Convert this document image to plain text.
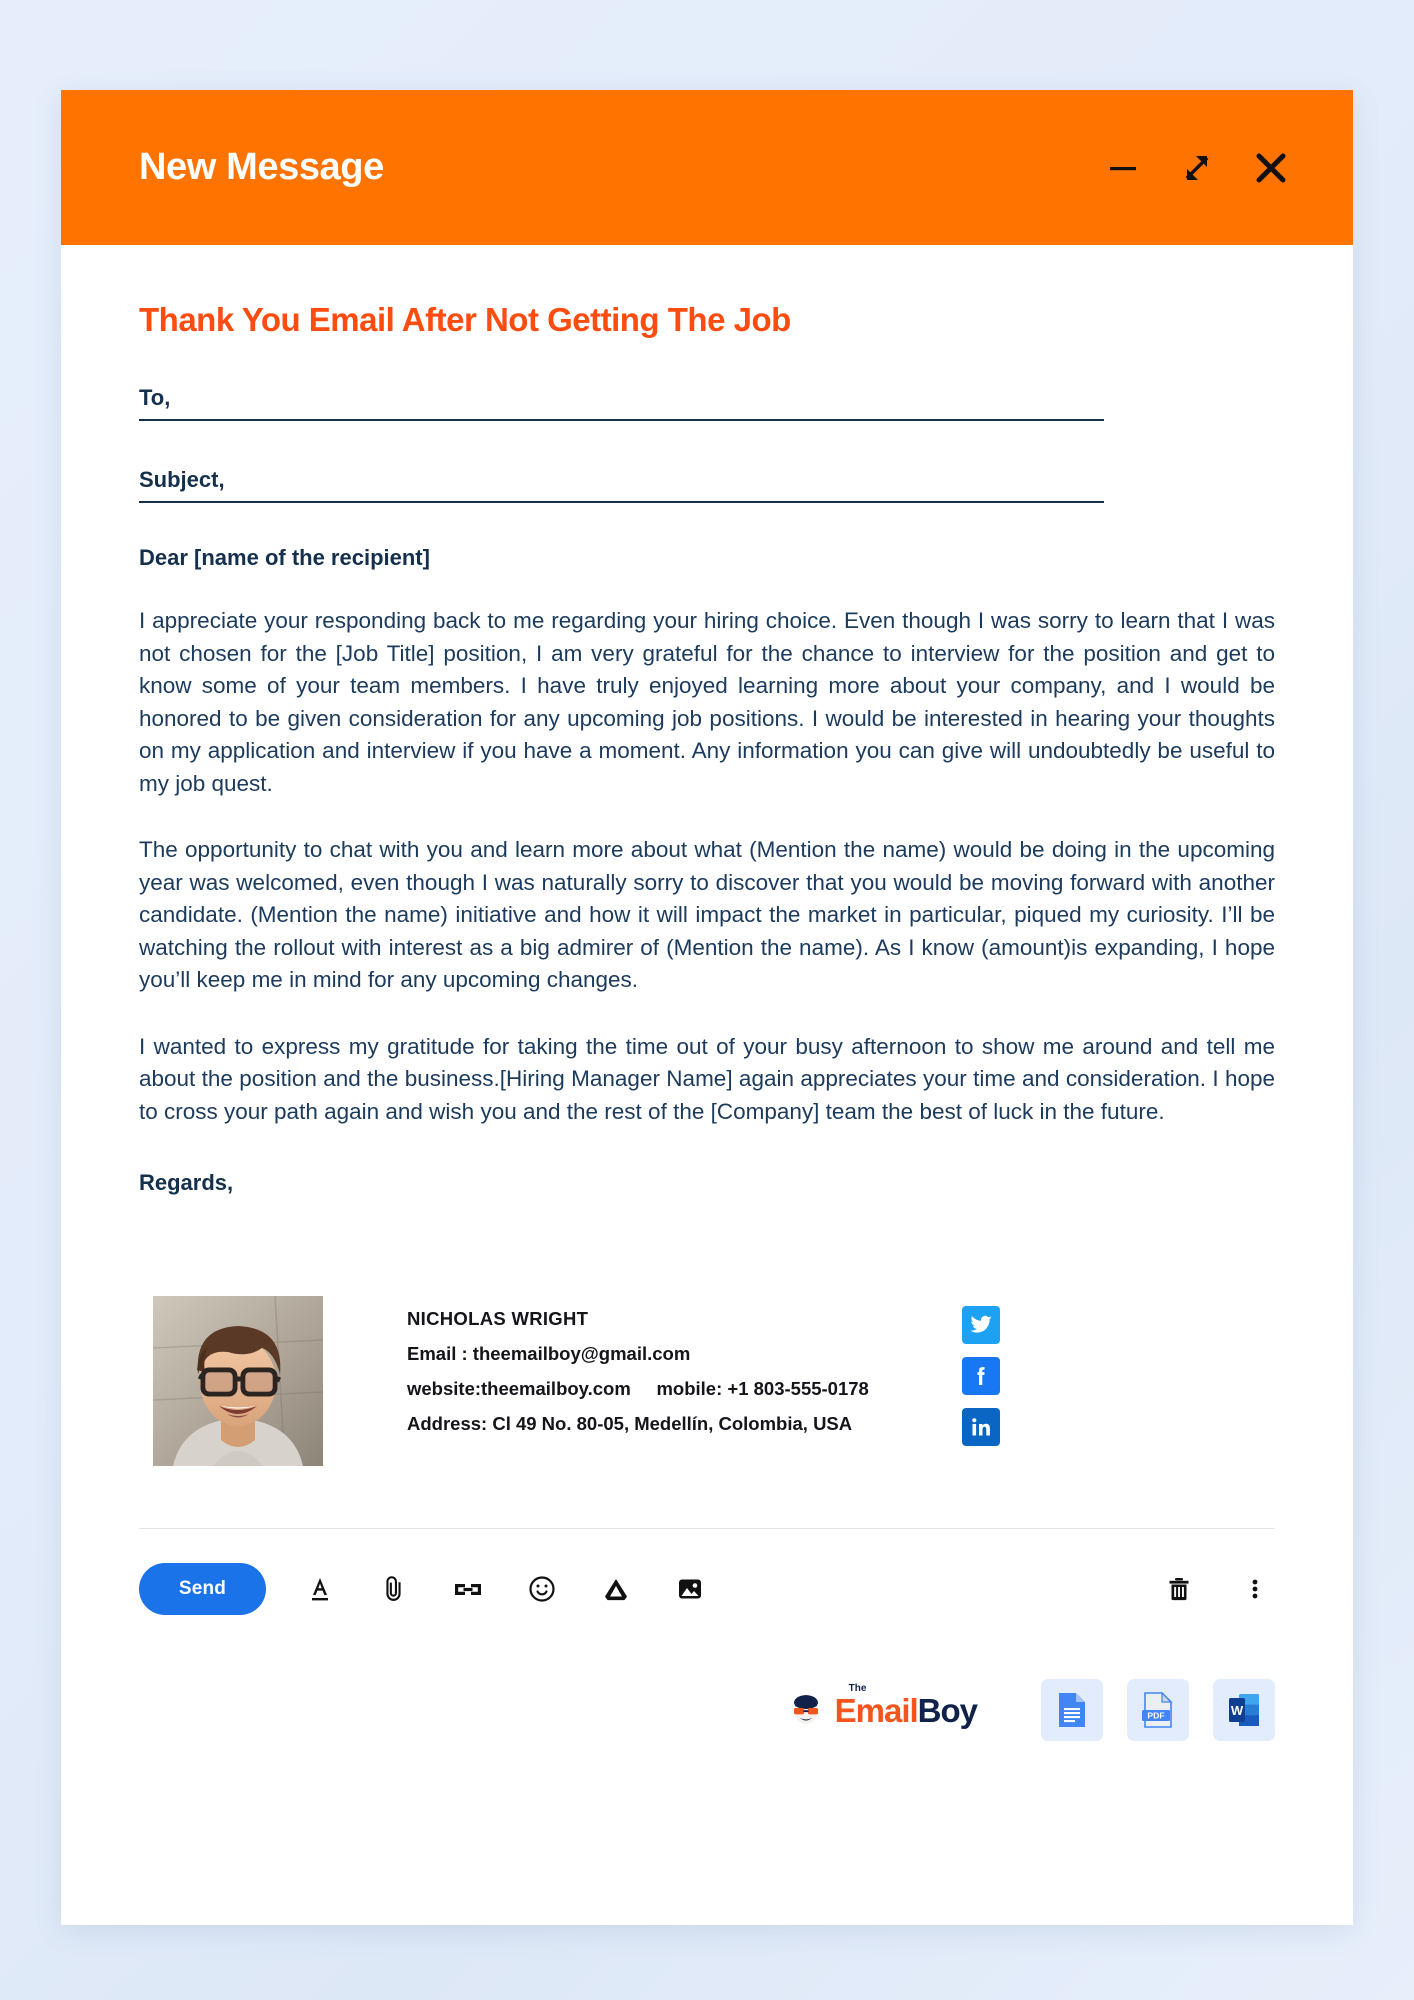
New Message
Thank You Email After Not Getting The Job
To,
Subject,
Dear [name of the recipient]

I appreciate your responding back to me regarding your hiring choice. Even though I was sorry to learn that I was not chosen for the [Job Title] position, I am very grateful for the chance to interview for the position and get to know some of your team members. I have truly enjoyed learning more about your company, and I would be honored to be given consideration for any upcoming job positions. I would be interested in hearing your thoughts on my application and interview if you have a moment. Any information you can give will undoubtedly be useful to my job quest.

The opportunity to chat with you and learn more about what (Mention the name) would be doing in the upcoming year was welcomed, even though I was naturally sorry to discover that you would be moving forward with another candidate. (Mention the name) initiative and how it will impact the market in particular, piqued my curiosity. I’ll be watching the rollout with interest as a big admirer of (Mention the name). As I know (amount)is expanding, I hope you’ll keep me in mind for any upcoming changes.

I wanted to express my gratitude for taking the time out of your busy afternoon to show me around and tell me about the position and the business.[Hiring Manager Name] again appreciates your time and consideration. I hope to cross your path again and wish you and the rest of the [Company] team the best of luck in the future.

Regards,
NICHOLAS WRIGHT
Email : theemailboy@gmail.com
website:theemailboy.com     mobile: +1 803-555-0178
Address: Cl 49 No. 80-05, Medellín, Colombia, USA
Send
The
EmailBoy	PDF	W
